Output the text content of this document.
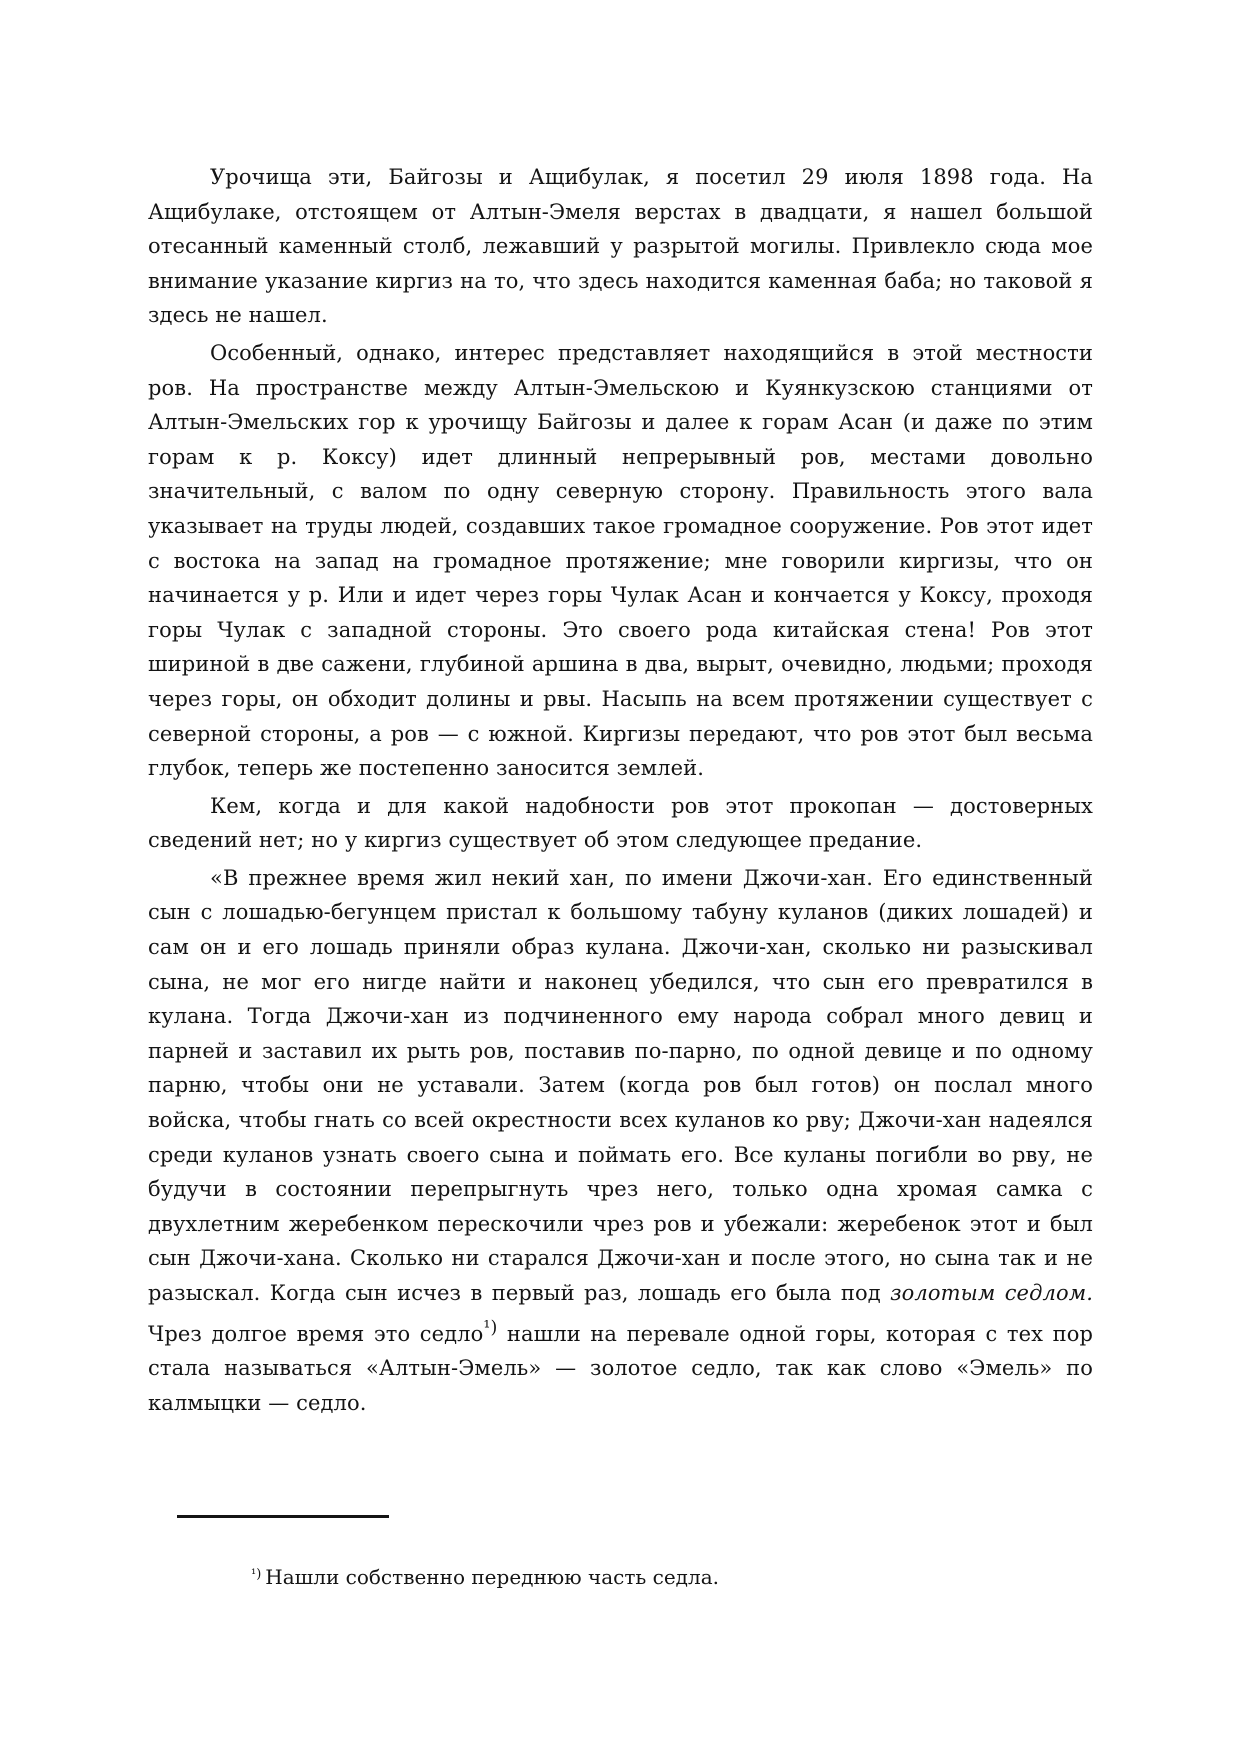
Урочища эти, Байгозы и Ащибулак, я посетил 29 июля 1898 года. На Ащибулаке, отстоящем от Алтын-Эмеля верстах в двадцати, я нашел большой отесанный каменный столб, лежавший у разрытой могилы. Привлекло сюда мое внимание указание киргиз на то, что здесь находится каменная баба; но таковой я здесь не нашел.

Особенный, однако, интерес представляет находящийся в этой местности ров. На пространстве между Алтын-Эмельскою и Куянкузскою станциями от Алтын-Эмельских гор к урочищу Байгозы и далее к горам Асан (и даже по этим горам к р. Коксу) идет длинный непрерывный ров, местами довольно значительный, с валом по одну северную сторону. Правильность этого вала указывает на труды людей, создавших такое громадное сооружение. Ров этот идет с востока на запад на громадное протяжение; мне говорили киргизы, что он начинается у р. Или и идет через горы Чулак Асан и кончается у Коксу, проходя горы Чулак с западной стороны. Это своего рода китайская стена! Ров этот шириной в две сажени, глубиной аршина в два, вырыт, очевидно, людьми; проходя через горы, он обходит долины и рвы. Насыпь на всем протяжении существует с северной стороны, а ров — с южной. Киргизы передают, что ров этот был весьма глубок, теперь же постепенно заносится землей.

Кем, когда и для какой надобности ров этот прокопан — достоверных сведений нет; но у киргиз существует об этом следующее предание.

«В прежнее время жил некий хан, по имени Джочи-хан. Его единственный сын с лошадью-бегунцем пристал к большому табуну куланов (диких лошадей) и сам он и его лошадь приняли образ кулана. Джочи-хан, сколько ни разыскивал сына, не мог его нигде найти и наконец убедился, что сын его превратился в кулана. Тогда Джочи-хан из подчиненного ему народа собрал много девиц и парней и заставил их рыть ров, поставив по-парно, по одной девице и по одному парню, чтобы они не уставали. Затем (когда ров был готов) он послал много войска, чтобы гнать со всей окрестности всех куланов ко рву; Джочи-хан надеялся среди куланов узнать своего сына и поймать его. Все куланы погибли во рву, не будучи в состоянии перепрыгнуть чрез него, только одна хромая самка с двухлетним жеребенком перескочили чрез ров и убежали: жеребенок этот и был сын Джочи-хана. Сколько ни старался Джочи-хан и после этого, но сына так и не разыскал. Когда сын исчез в первый раз, лошадь его была под золотым седлом. Чрез долгое время это седло$^{^1)}$ нашли на перевале одной горы, которая с тех пор стала называться «Алтын-Эмель» — золотое седло, так как слово «Эмель» по калмыцки — седло.

$^{^1)}$ Нашли собственно переднюю часть седла.
